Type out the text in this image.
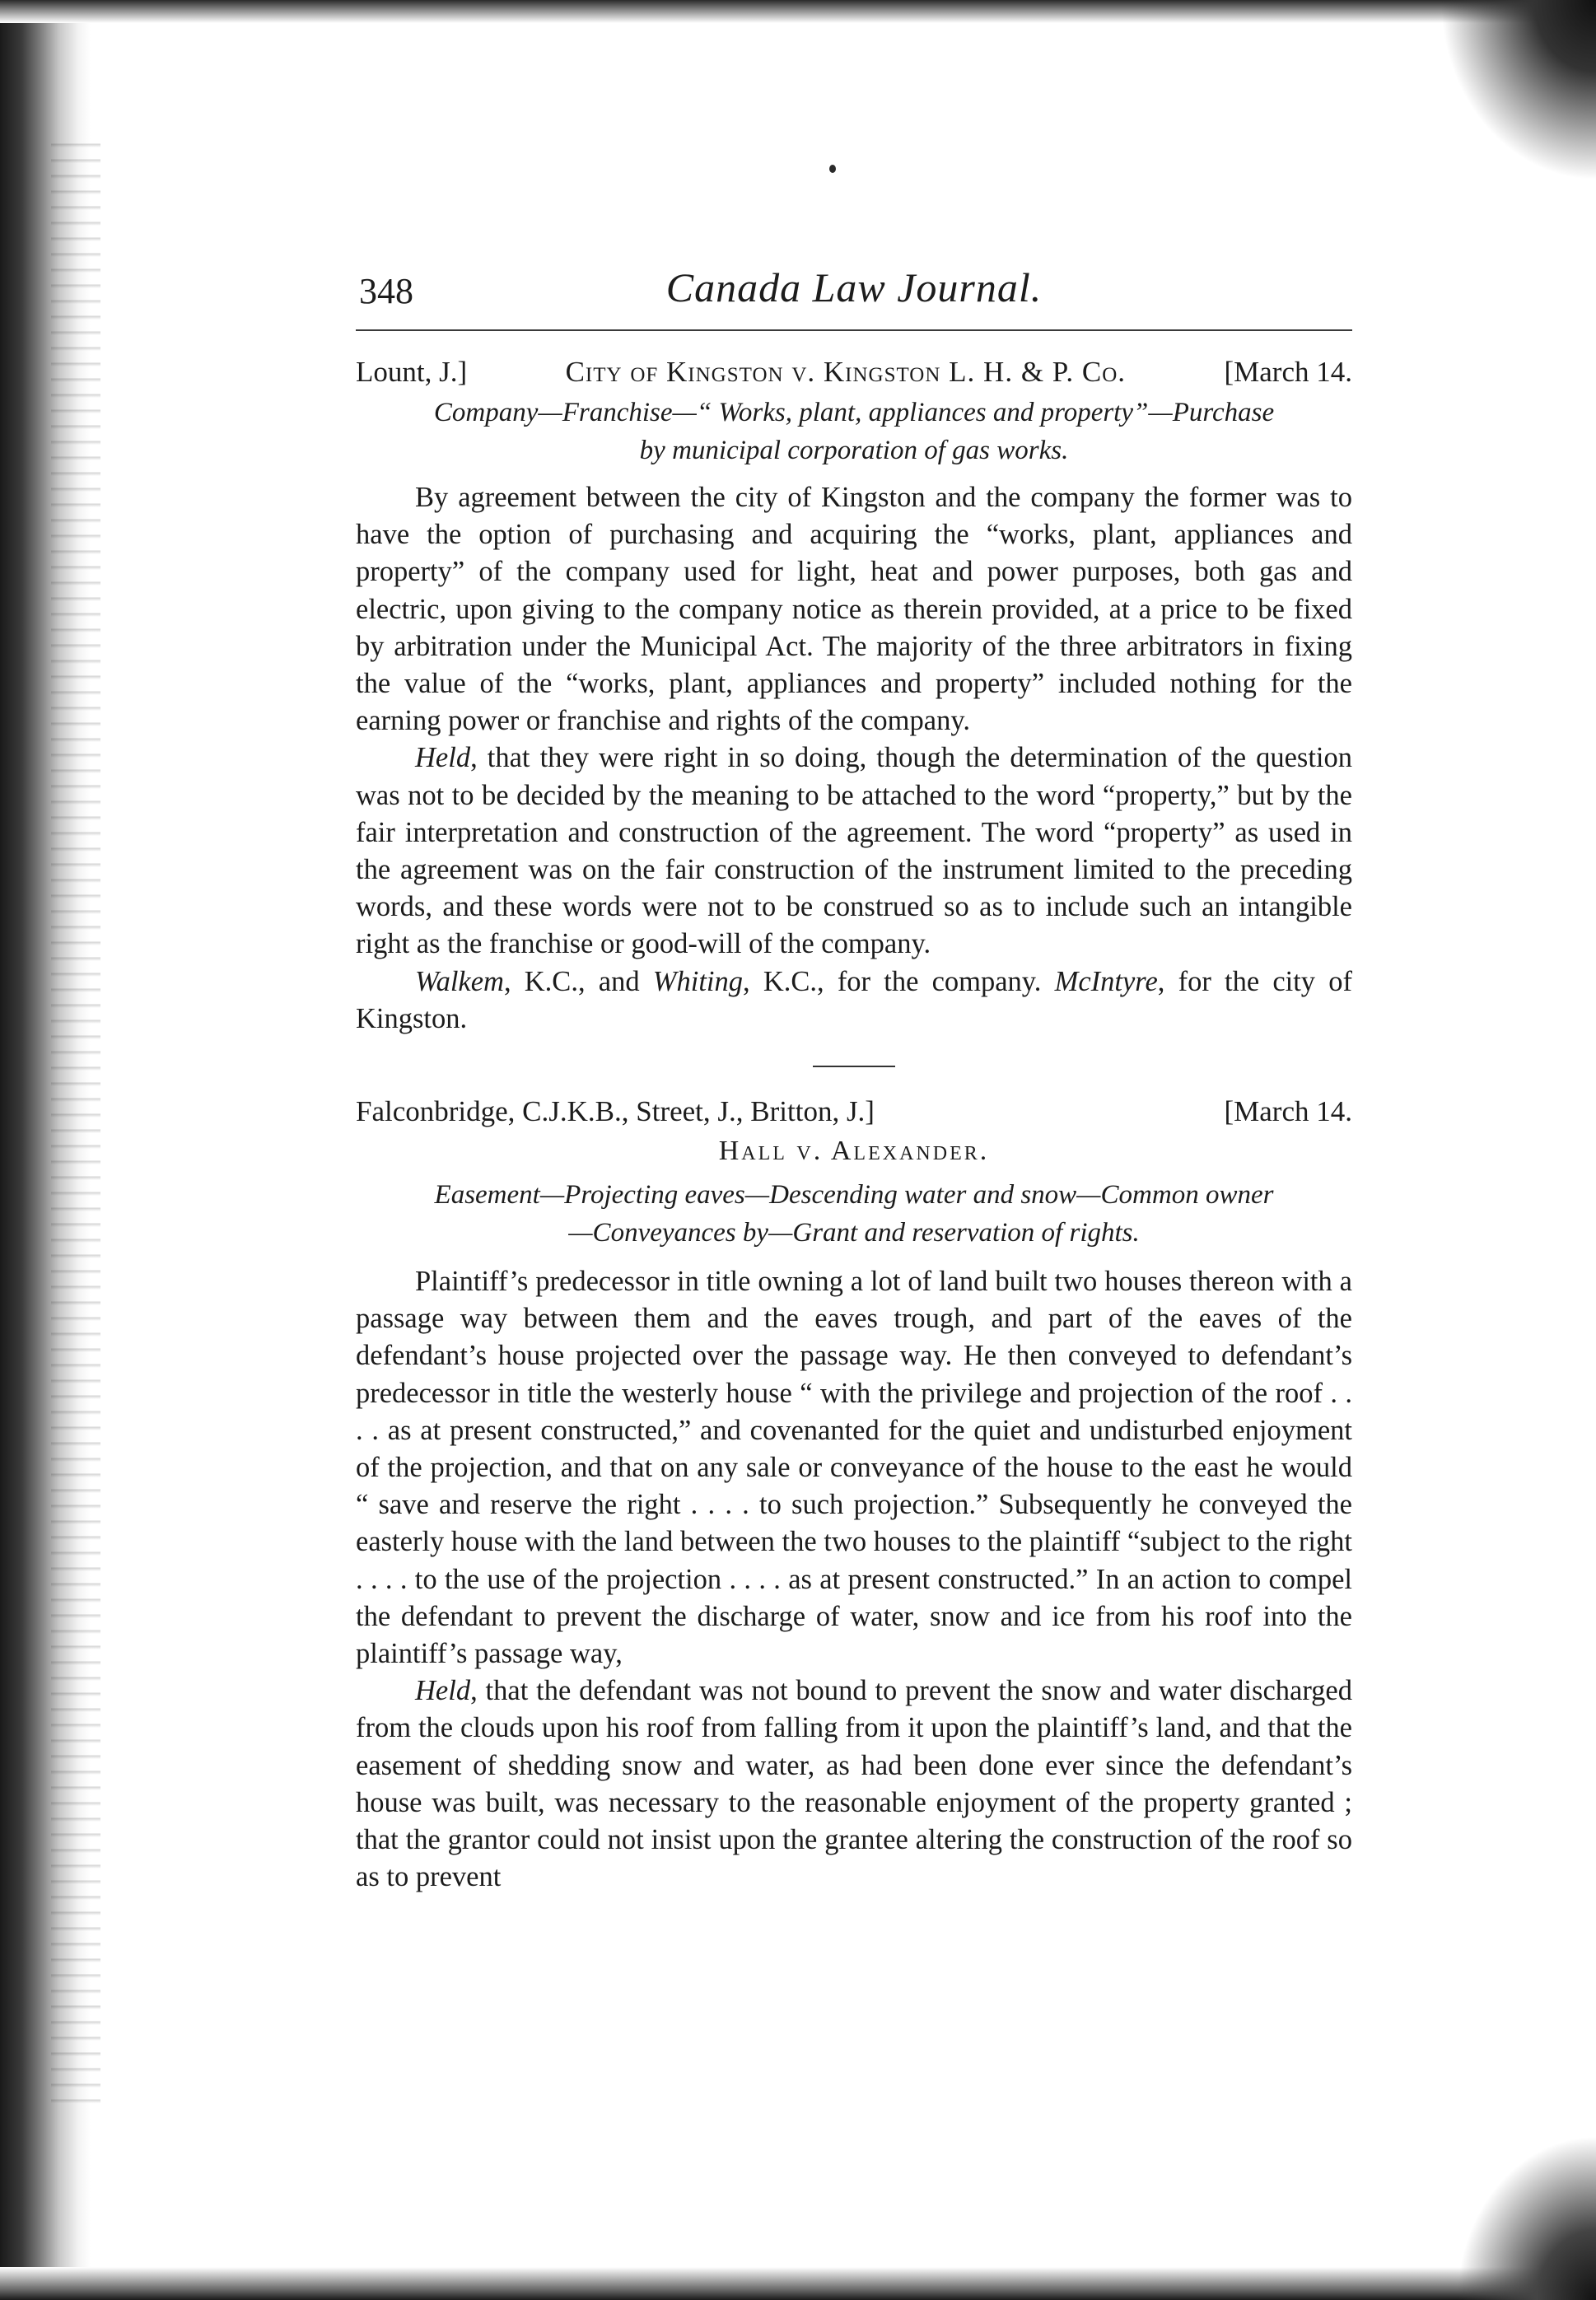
348	Canada Law Journal.
Lount, J.]	City of Kingston v. Kingston L. H. & P. Co.	[March 14.
Company—Franchise—“ Works, plant, appliances and property”—Purchase
by municipal corporation of gas works.

By agreement between the city of Kingston and the company the former was to have the option of purchasing and acquiring the “works, plant, appliances and property” of the company used for light, heat and power purposes, both gas and electric, upon giving to the company notice as therein provided, at a price to be fixed by arbitration under the Municipal Act. The majority of the three arbitrators in fixing the value of the “works, plant, appliances and property” included nothing for the earning power or franchise and rights of the company.

Held, that they were right in so doing, though the determination of the question was not to be decided by the meaning to be attached to the word “property,” but by the fair interpretation and construction of the agreement. The word “property” as used in the agreement was on the fair construction of the instrument limited to the preceding words, and these words were not to be construed so as to include such an intangible right as the franchise or good-will of the company.

Walkem, K.C., and Whiting, K.C., for the company. McIntyre, for the city of Kingston.

Falconbridge, C.J.K.B., Street, J., Britton, J.]	[March 14.
Hall v. Alexander.
Easement—Projecting eaves—Descending water and snow—Common owner
—Conveyances by—Grant and reservation of rights.

Plaintiff’s predecessor in title owning a lot of land built two houses thereon with a passage way between them and the eaves trough, and part of the eaves of the defendant’s house projected over the passage way. He then conveyed to defendant’s predecessor in title the westerly house “ with the privilege and projection of the roof . . . . as at present constructed,” and covenanted for the quiet and undisturbed enjoyment of the projection, and that on any sale or conveyance of the house to the east he would “ save and reserve the right . . . . to such projection.” Subsequently he conveyed the easterly house with the land between the two houses to the plaintiff “subject to the right . . . . to the use of the projection . . . . as at present constructed.” In an action to compel the defendant to prevent the discharge of water, snow and ice from his roof into the plaintiff’s passage way,

Held, that the defendant was not bound to prevent the snow and water discharged from the clouds upon his roof from falling from it upon the plaintiff’s land, and that the easement of shedding snow and water, as had been done ever since the defendant’s house was built, was necessary to the reasonable enjoyment of the property granted ; that the grantor could not insist upon the grantee altering the construction of the roof so as to prevent
